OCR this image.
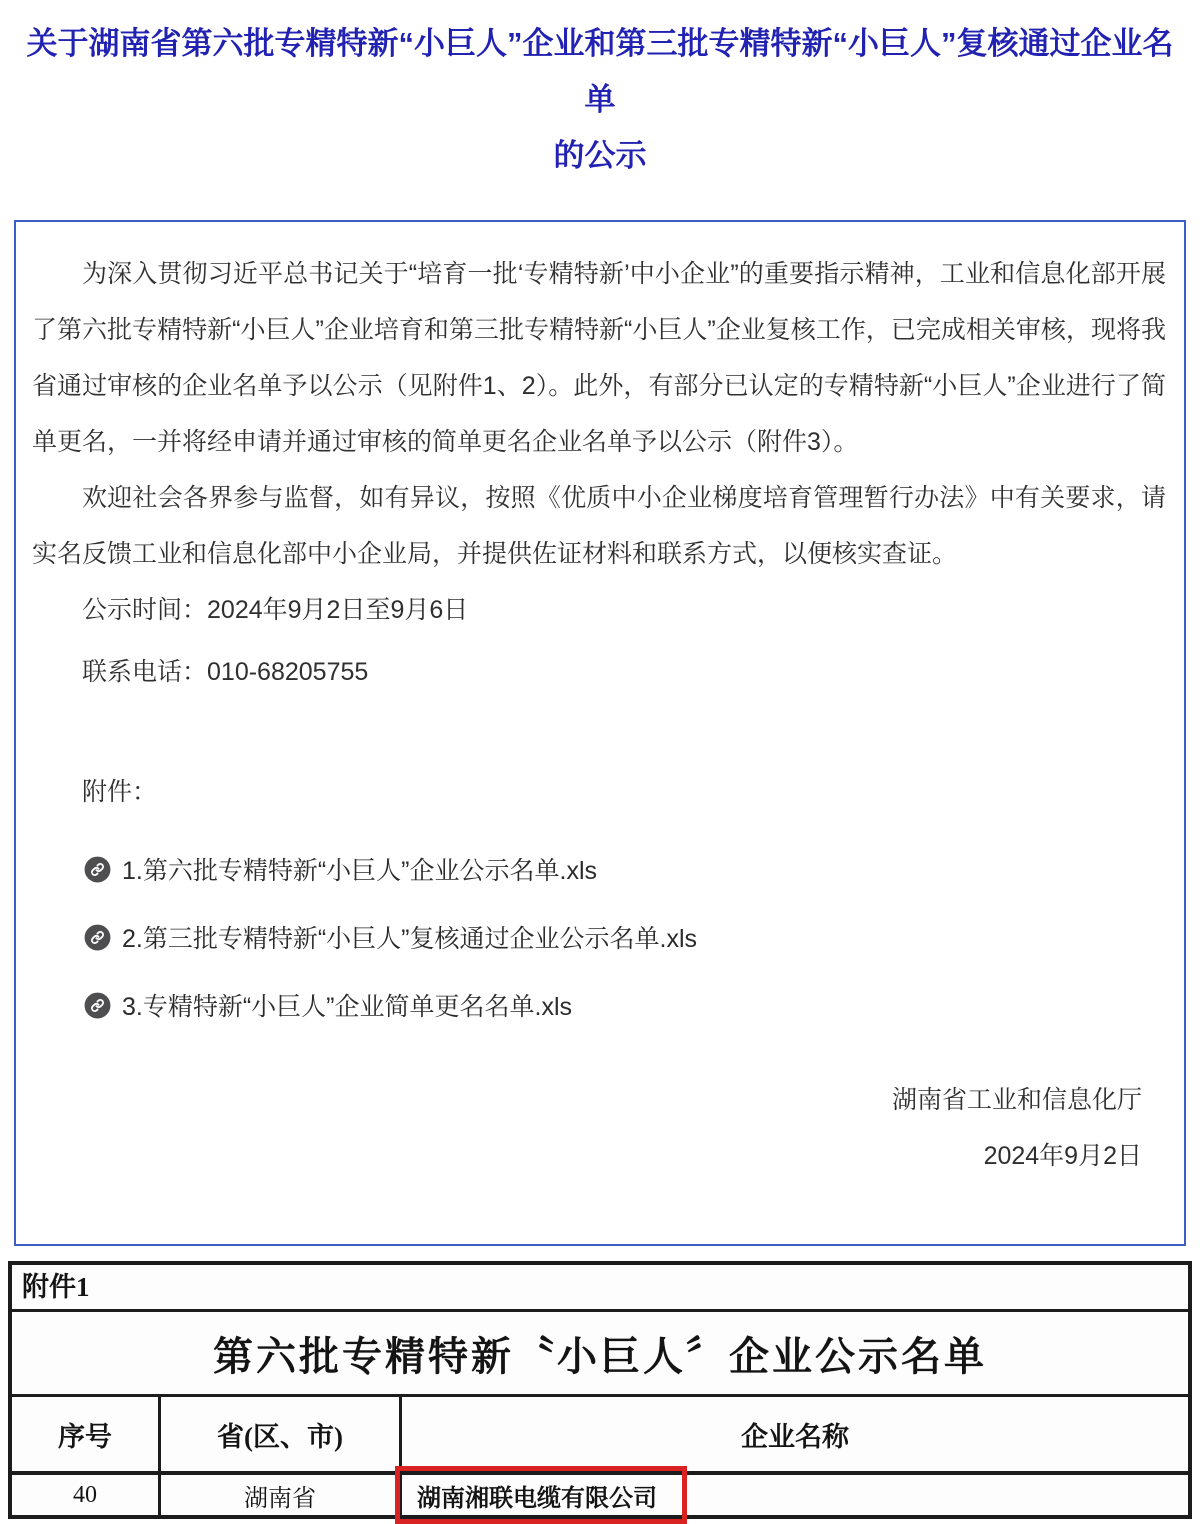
关于湖南省第六批专精特新“小巨人”企业和第三批专精特新“小巨人”复核通过企业名单
的公示

为深入贯彻习近平总书记关于“培育一批‘专精特新’中小企业”的重要指示精神，工业和信息化部开展了第六批专精特新“小巨人”企业培育和第三批专精特新“小巨人”企业复核工作，已完成相关审核，现将我省通过审核的企业名单予以公示（见附件1、2）。此外，有部分已认定的专精特新“小巨人”企业进行了简单更名，一并将经申请并通过审核的简单更名企业名单予以公示（附件3）。

欢迎社会各界参与监督，如有异议，按照《优质中小企业梯度培育管理暂行办法》中有关要求，请实名反馈工业和信息化部中小企业局，并提供佐证材料和联系方式，以便核实查证。

公示时间：2024年9月2日至9月6日

联系电话：010-68205755

附件：

1.第六批专精特新“小巨人”企业公示名单.xls
2.第三批专精特新“小巨人”复核通过企业公示名单.xls
3.专精特新“小巨人”企业简单更名名单.xls

湖南省工业和信息化厅

2024年9月2日

附件1
第六批专精特新〝小巨人〞企业公示名单
序号	省(区、市)	企业名称
40	湖南省	湖南湘联电缆有限公司
